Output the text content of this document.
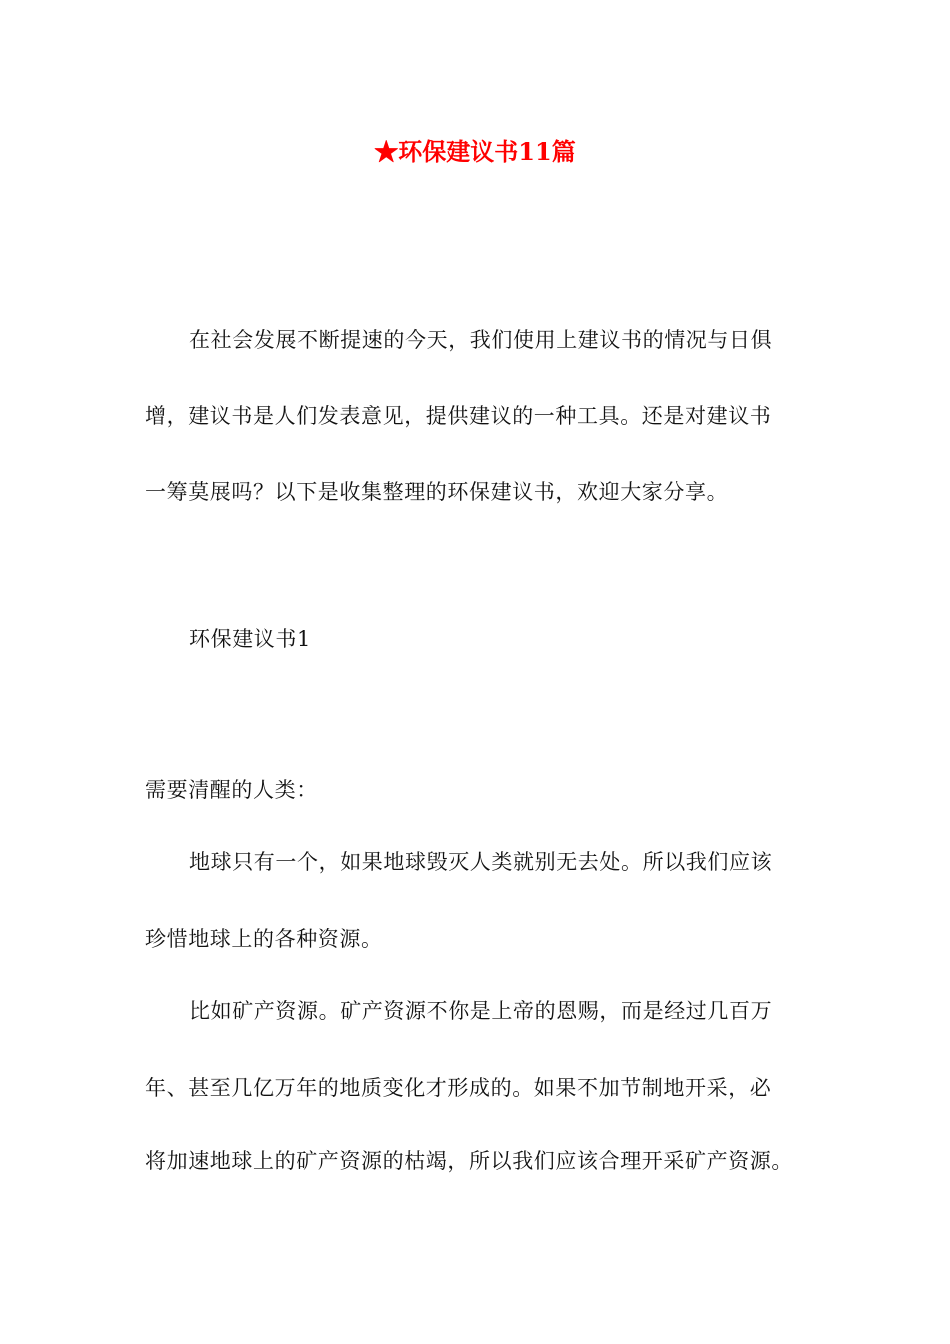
★环保建议书11篇
在社会发展不断提速的今天，我们使用上建议书的情况与日俱
增，建议书是人们发表意见，提供建议的一种工具。还是对建议书
一筹莫展吗？以下是收集整理的环保建议书，欢迎大家分享。
环保建议书1
需要清醒的人类：
地球只有一个，如果地球毁灭人类就别无去处。所以我们应该
珍惜地球上的各种资源。
比如矿产资源。矿产资源不你是上帝的恩赐，而是经过几百万
年、甚至几亿万年的地质变化才形成的。如果不加节制地开采，必
将加速地球上的矿产资源的枯竭，所以我们应该合理开采矿产资源。
